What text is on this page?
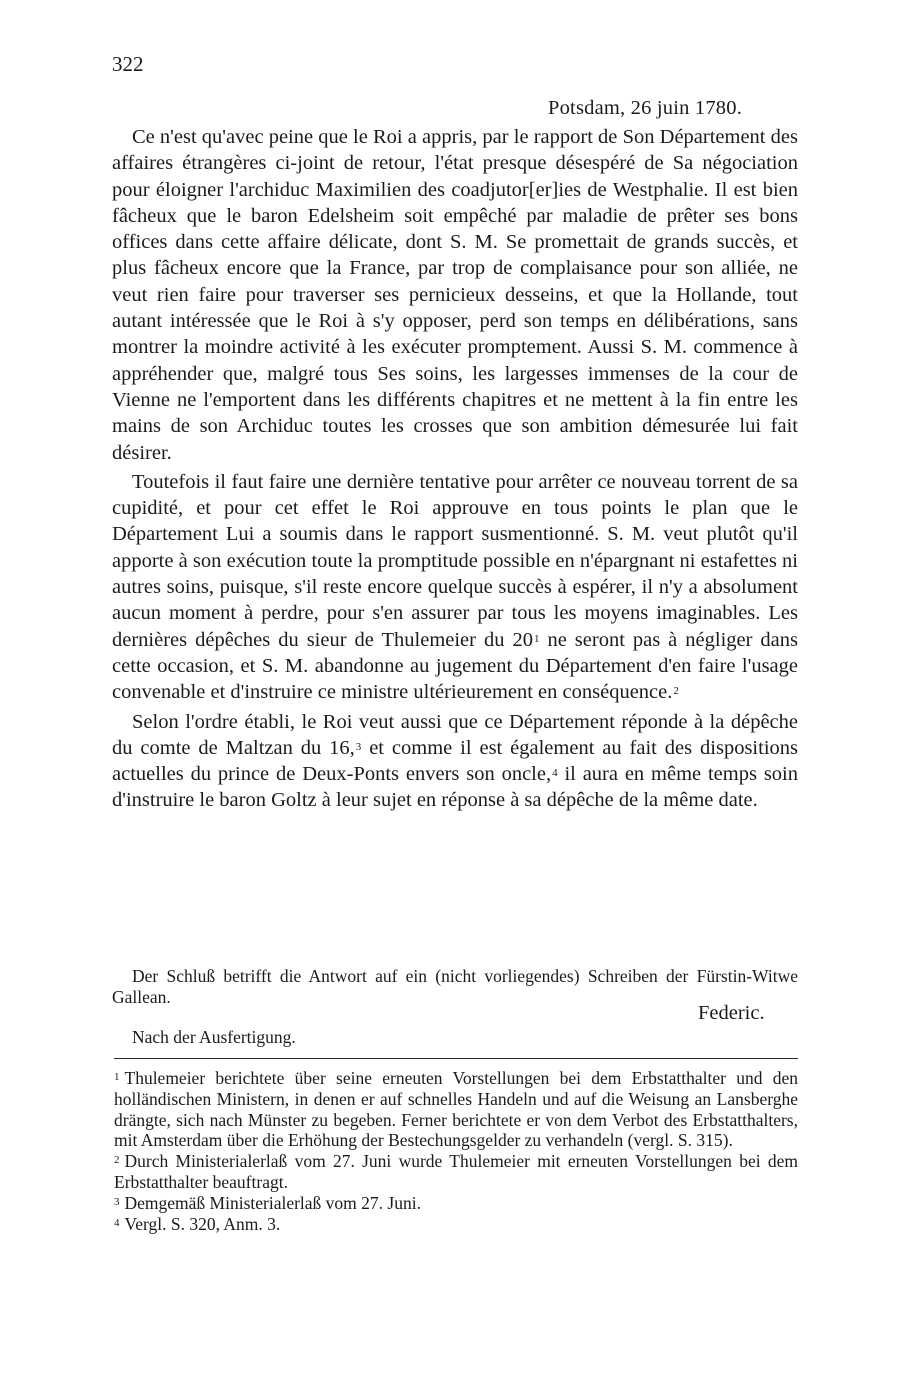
322
Potsdam, 26 juin 1780.

Ce n'est qu'avec peine que le Roi a appris, par le rapport de Son Département des affaires étrangères ci-joint de retour, l'état presque désespéré de Sa négociation pour éloigner l'archiduc Maximilien des coadjutor[er]ies de Westphalie. Il est bien fâcheux que le baron Edelsheim soit empêché par maladie de prêter ses bons offices dans cette affaire délicate, dont S. M. Se promettait de grands succès, et plus fâcheux encore que la France, par trop de complaisance pour son alliée, ne veut rien faire pour traverser ses pernicieux desseins, et que la Hollande, tout autant intéressée que le Roi à s'y opposer, perd son temps en délibérations, sans montrer la moindre activité à les exécuter promptement. Aussi S. M. commence à appréhender que, malgré tous Ses soins, les largesses immenses de la cour de Vienne ne l'emportent dans les différents chapitres et ne mettent à la fin entre les mains de son Archiduc toutes les crosses que son ambition démesurée lui fait désirer.

Toutefois il faut faire une dernière tentative pour arrêter ce nouveau torrent de sa cupidité, et pour cet effet le Roi approuve en tous points le plan que le Département Lui a soumis dans le rapport susmentionné. S. M. veut plutôt qu'il apporte à son exécution toute la promptitude possible en n'épargnant ni estafettes ni autres soins, puisque, s'il reste encore quelque succès à espérer, il n'y a absolument aucun moment à perdre, pour s'en assurer par tous les moyens imaginables. Les dernières dépêches du sieur de Thulemeier du 20$^1$ ne seront pas à négliger dans cette occasion, et S. M. abandonne au jugement du Département d'en faire l'usage convenable et d'instruire ce ministre ultérieurement en conséquence.$^2$

Selon l'ordre établi, le Roi veut aussi que ce Département réponde à la dépêche du comte de Maltzan du 16,$^3$ et comme il est également au fait des dispositions actuelles du prince de Deux-Ponts envers son oncle,$^4$ il aura en même temps soin d'instruire le baron Goltz à leur sujet en réponse à sa dépêche de la même date.

Der Schluß betrifft die Antwort auf ein (nicht vorliegendes) Schreiben der Fürstin-Witwe Gallean.
Federic.
Nach der Ausfertigung.

$^1$ Thulemeier berichtete über seine erneuten Vorstellungen bei dem Erbstatthalter und den holländischen Ministern, in denen er auf schnelles Handeln und auf die Weisung an Lansberghe drängte, sich nach Münster zu begeben. Ferner berichtete er von dem Verbot des Erbstatthalters, mit Amsterdam über die Erhöhung der Bestechungsgelder zu verhandeln (vergl. S. 315).

$^2$ Durch Ministerialerlaß vom 27. Juni wurde Thulemeier mit erneuten Vorstellungen bei dem Erbstatthalter beauftragt.

$^3$ Demgemäß Ministerialerlaß vom 27. Juni.

$^4$ Vergl. S. 320, Anm. 3.
